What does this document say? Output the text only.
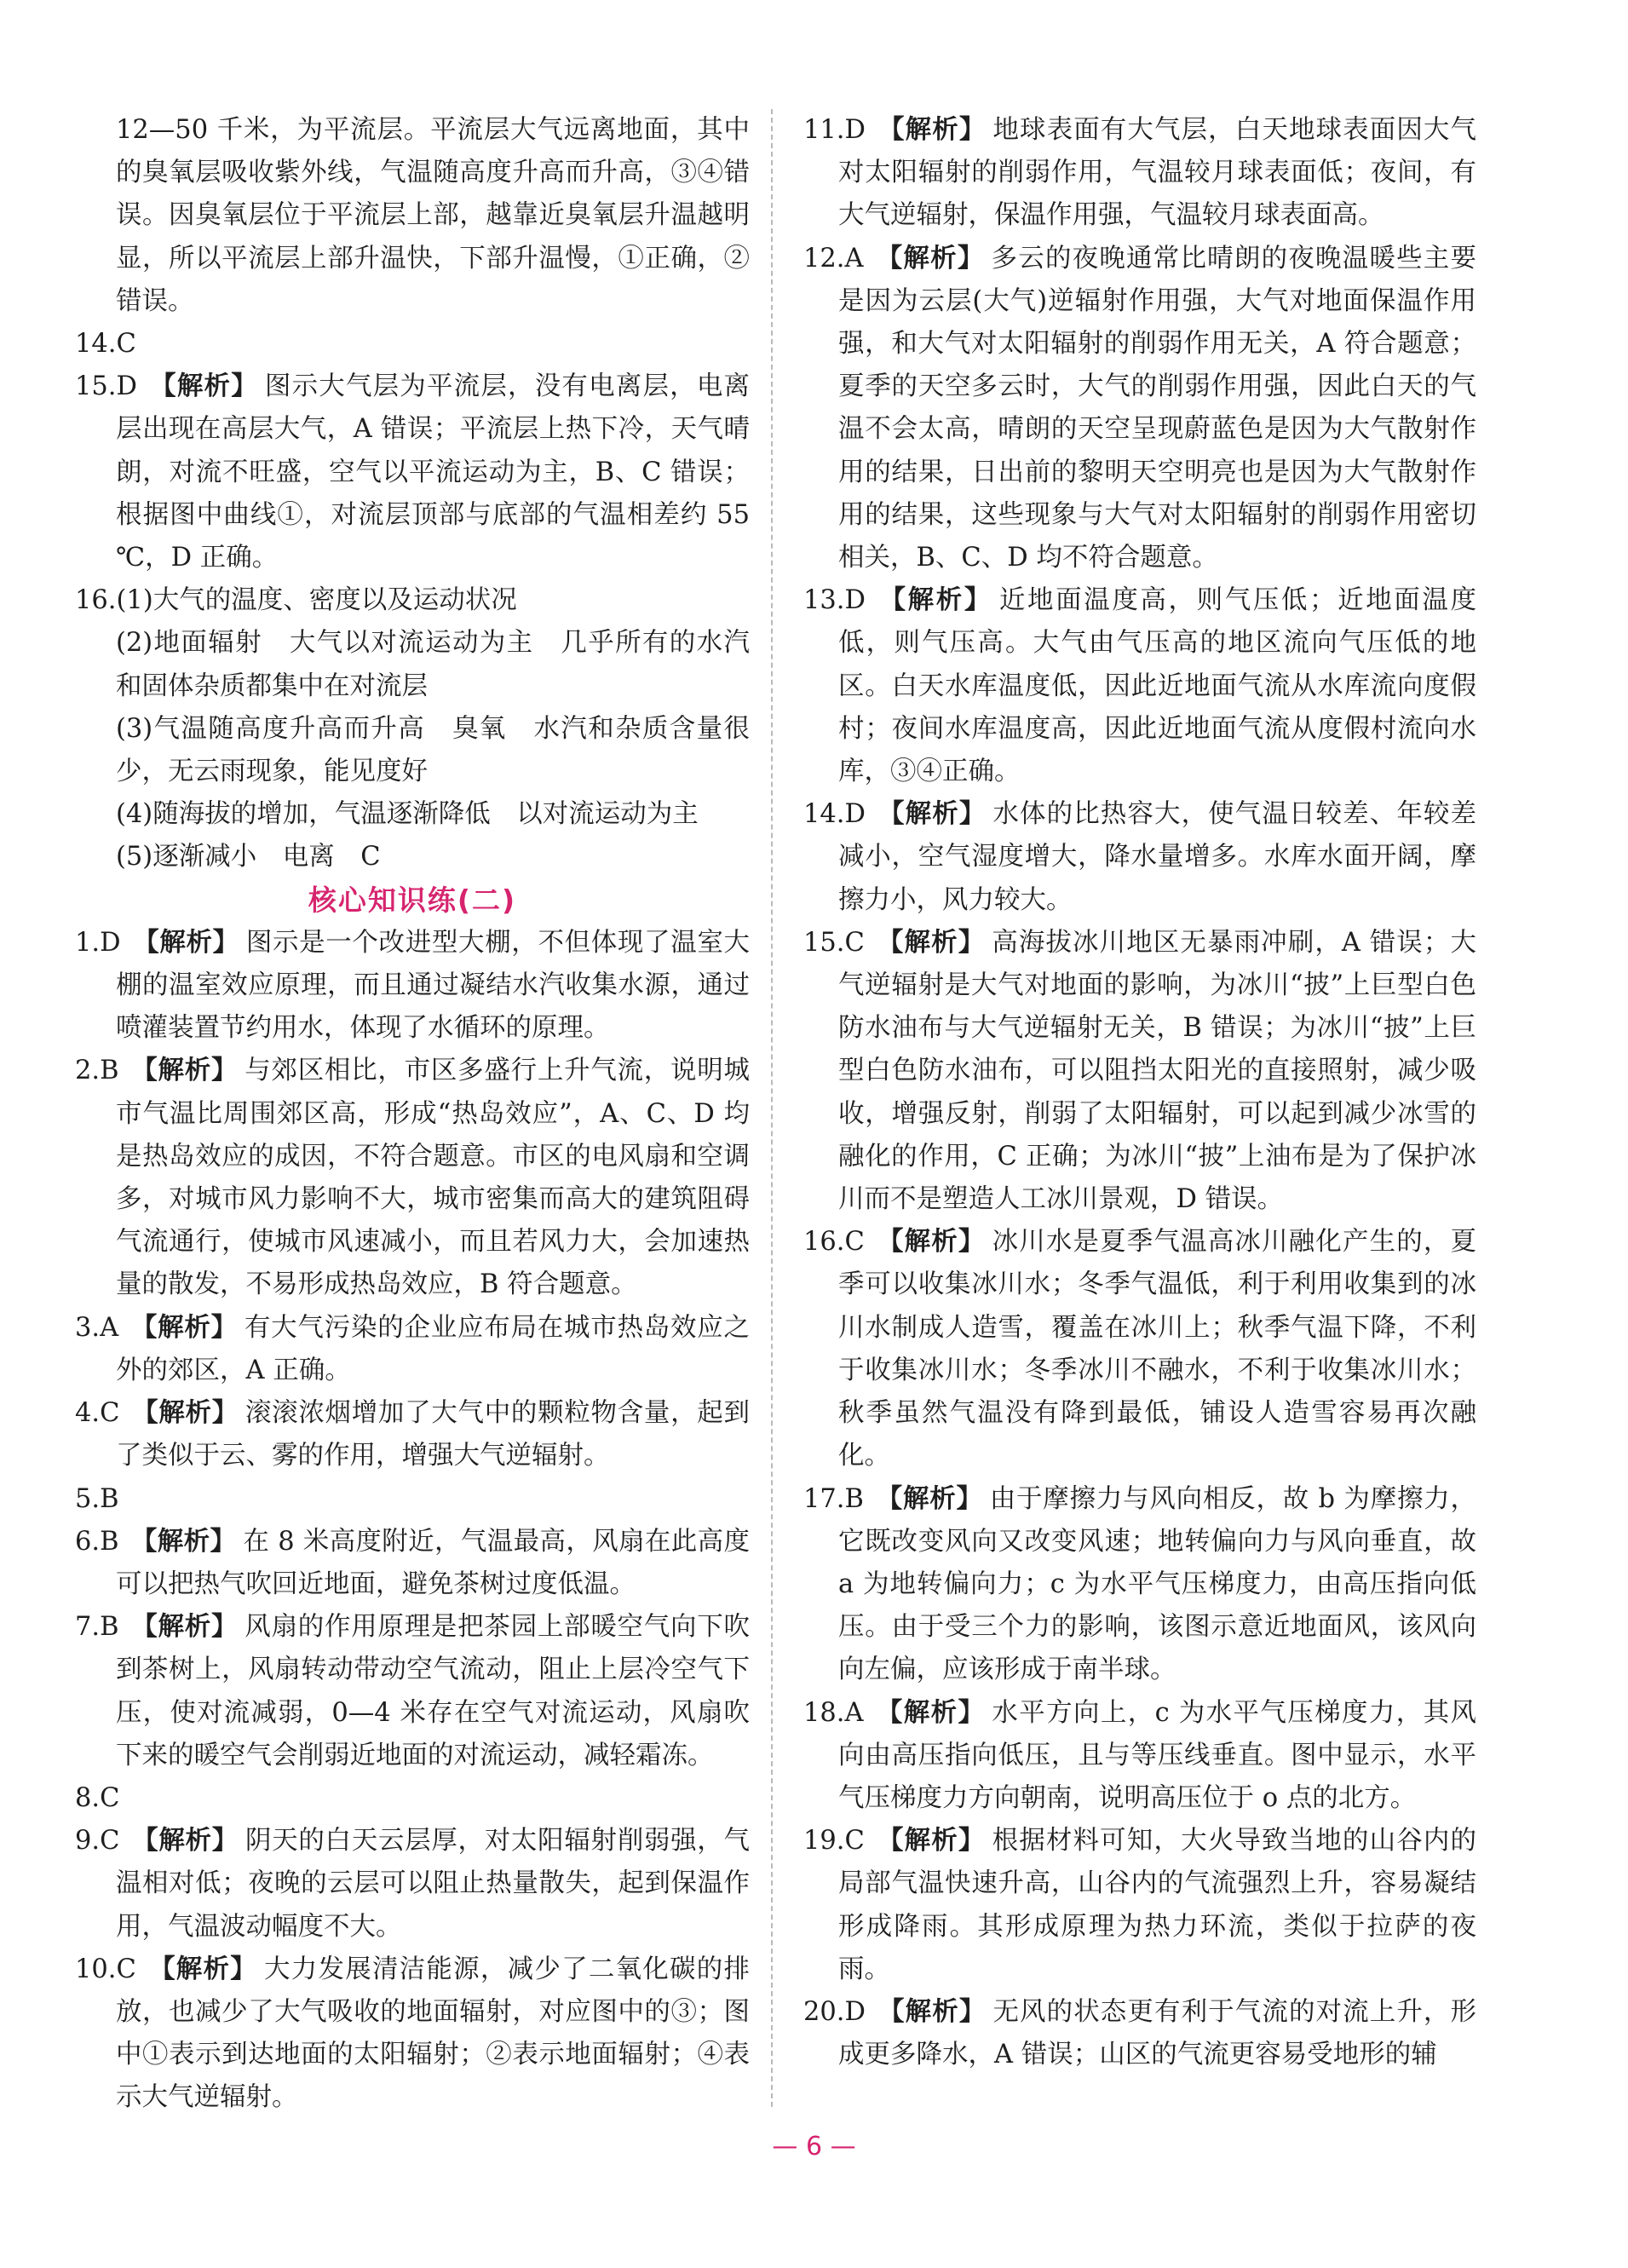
12—50 千米，为平流层。平流层大气远离地面，其中的臭氧层吸收紫外线，气温随高度升高而升高，③④错误。因臭氧层位于平流层上部，越靠近臭氧层升温越明显，所以平流层上部升温快，下部升温慢，①正确，②错误。
14.C
15.D 【解析】 图示大气层为平流层，没有电离层，电离层出现在高层大气，A 错误；平流层上热下冷，天气晴朗，对流不旺盛，空气以平流运动为主，B、C 错误；根据图中曲线①，对流层顶部与底部的气温相差约 55 ℃，D 正确。
16.(1)大气的温度、密度以及运动状况
(2)地面辐射　大气以对流运动为主　几乎所有的水汽和固体杂质都集中在对流层
(3)气温随高度升高而升高　臭氧　水汽和杂质含量很少，无云雨现象，能见度好
(4)随海拔的增加，气温逐渐降低　以对流运动为主
(5)逐渐减小　电离　C
核心知识练(二)
1.D 【解析】 图示是一个改进型大棚，不但体现了温室大棚的温室效应原理，而且通过凝结水汽收集水源，通过喷灌装置节约用水，体现了水循环的原理。
2.B 【解析】 与郊区相比，市区多盛行上升气流，说明城市气温比周围郊区高，形成“热岛效应”，A、C、D 均是热岛效应的成因，不符合题意。市区的电风扇和空调多，对城市风力影响不大，城市密集而高大的建筑阻碍气流通行，使城市风速减小，而且若风力大，会加速热量的散发，不易形成热岛效应，B 符合题意。
3.A 【解析】 有大气污染的企业应布局在城市热岛效应之外的郊区，A 正确。
4.C 【解析】 滚滚浓烟增加了大气中的颗粒物含量，起到了类似于云、雾的作用，增强大气逆辐射。
5.B
6.B 【解析】 在 8 米高度附近，气温最高，风扇在此高度可以把热气吹回近地面，避免茶树过度低温。
7.B 【解析】 风扇的作用原理是把茶园上部暖空气向下吹到茶树上，风扇转动带动空气流动，阻止上层冷空气下压，使对流减弱，0—4 米存在空气对流运动，风扇吹下来的暖空气会削弱近地面的对流运动，减轻霜冻。
8.C
9.C 【解析】 阴天的白天云层厚，对太阳辐射削弱强，气温相对低；夜晚的云层可以阻止热量散失，起到保温作用，气温波动幅度不大。
10.C 【解析】 大力发展清洁能源，减少了二氧化碳的排放，也减少了大气吸收的地面辐射，对应图中的③；图中①表示到达地面的太阳辐射；②表示地面辐射；④表示大气逆辐射。
11.D 【解析】 地球表面有大气层，白天地球表面因大气对太阳辐射的削弱作用，气温较月球表面低；夜间，有大气逆辐射，保温作用强，气温较月球表面高。
12.A 【解析】 多云的夜晚通常比晴朗的夜晚温暖些主要是因为云层(大气)逆辐射作用强，大气对地面保温作用强，和大气对太阳辐射的削弱作用无关，A 符合题意；夏季的天空多云时，大气的削弱作用强，因此白天的气温不会太高，晴朗的天空呈现蔚蓝色是因为大气散射作用的结果，日出前的黎明天空明亮也是因为大气散射作用的结果，这些现象与大气对太阳辐射的削弱作用密切相关，B、C、D 均不符合题意。
13.D 【解析】 近地面温度高，则气压低；近地面温度低，则气压高。大气由气压高的地区流向气压低的地区。白天水库温度低，因此近地面气流从水库流向度假村；夜间水库温度高，因此近地面气流从度假村流向水库，③④正确。
14.D 【解析】 水体的比热容大，使气温日较差、年较差减小，空气湿度增大，降水量增多。水库水面开阔，摩擦力小，风力较大。
15.C 【解析】 高海拔冰川地区无暴雨冲刷，A 错误；大气逆辐射是大气对地面的影响，为冰川“披”上巨型白色防水油布与大气逆辐射无关，B 错误；为冰川“披”上巨型白色防水油布，可以阻挡太阳光的直接照射，减少吸收，增强反射，削弱了太阳辐射，可以起到减少冰雪的融化的作用，C 正确；为冰川“披”上油布是为了保护冰川而不是塑造人工冰川景观，D 错误。
16.C 【解析】 冰川水是夏季气温高冰川融化产生的，夏季可以收集冰川水；冬季气温低，利于利用收集到的冰川水制成人造雪，覆盖在冰川上；秋季气温下降，不利于收集冰川水；冬季冰川不融水，不利于收集冰川水；秋季虽然气温没有降到最低，铺设人造雪容易再次融化。
17.B 【解析】 由于摩擦力与风向相反，故 b 为摩擦力，它既改变风向又改变风速；地转偏向力与风向垂直，故a 为地转偏向力；c 为水平气压梯度力，由高压指向低压。由于受三个力的影响，该图示意近地面风，该风向向左偏，应该形成于南半球。
18.A 【解析】 水平方向上，c 为水平气压梯度力，其风向由高压指向低压，且与等压线垂直。图中显示，水平气压梯度力方向朝南，说明高压位于 o 点的北方。
19.C 【解析】 根据材料可知，大火导致当地的山谷内的局部气温快速升高，山谷内的气流强烈上升，容易凝结形成降雨。其形成原理为热力环流，类似于拉萨的夜雨。
20.D 【解析】 无风的状态更有利于气流的对流上升，形成更多降水，A 错误；山区的气流更容易受地形的辅
— 6 —
